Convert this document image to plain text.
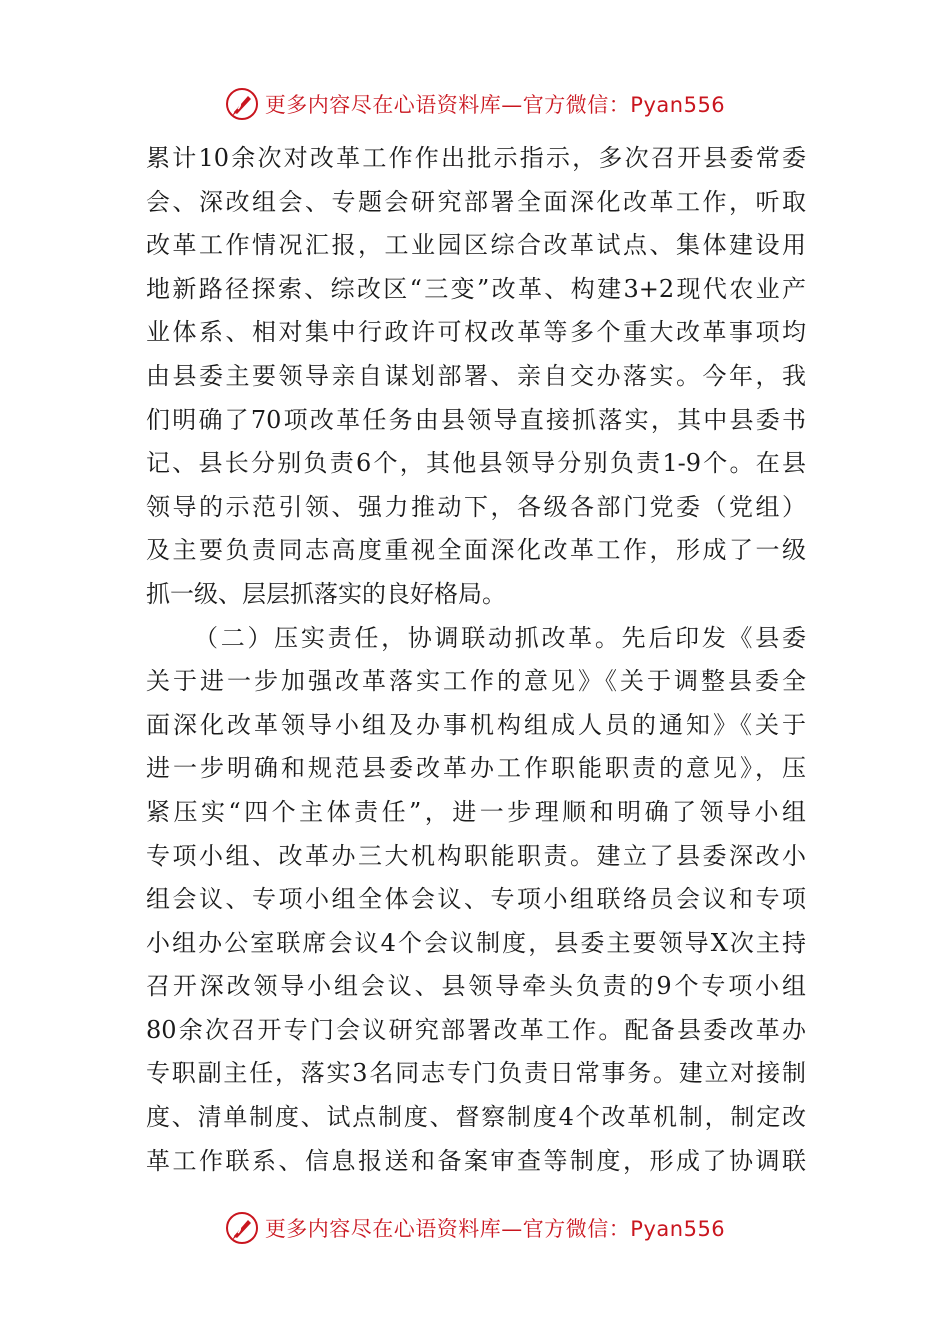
更多内容尽在心语资料库—官方微信：Pyan556
累计10余次对改革工作作出批示指示，多次召开县委常委
会、深改组会、专题会研究部署全面深化改革工作，听取
改革工作情况汇报，工业园区综合改革试点、集体建设用
地新路径探索、综改区“三变”改革、构建3+2现代农业产
业体系、相对集中行政许可权改革等多个重大改革事项均
由县委主要领导亲自谋划部署、亲自交办落实。今年，我
们明确了70项改革任务由县领导直接抓落实，其中县委书
记、县长分别负责6个，其他县领导分别负责1-9个。在县
领导的示范引领、强力推动下，各级各部门党委（党组）
及主要负责同志高度重视全面深化改革工作，形成了一级
抓一级、层层抓落实的良好格局。
（二）压实责任，协调联动抓改革。先后印发《县委
关于进一步加强改革落实工作的意见》《关于调整县委全
面深化改革领导小组及办事机构组成人员的通知》《关于
进一步明确和规范县委改革办工作职能职责的意见》，压
紧压实“四个主体责任”，进一步理顺和明确了领导小组
专项小组、改革办三大机构职能职责。建立了县委深改小
组会议、专项小组全体会议、专项小组联络员会议和专项
小组办公室联席会议4个会议制度，县委主要领导X次主持
召开深改领导小组会议、县领导牵头负责的9个专项小组
80余次召开专门会议研究部署改革工作。配备县委改革办
专职副主任，落实3名同志专门负责日常事务。建立对接制
度、清单制度、试点制度、督察制度4个改革机制，制定改
革工作联系、信息报送和备案审查等制度，形成了协调联
更多内容尽在心语资料库—官方微信：Pyan556
